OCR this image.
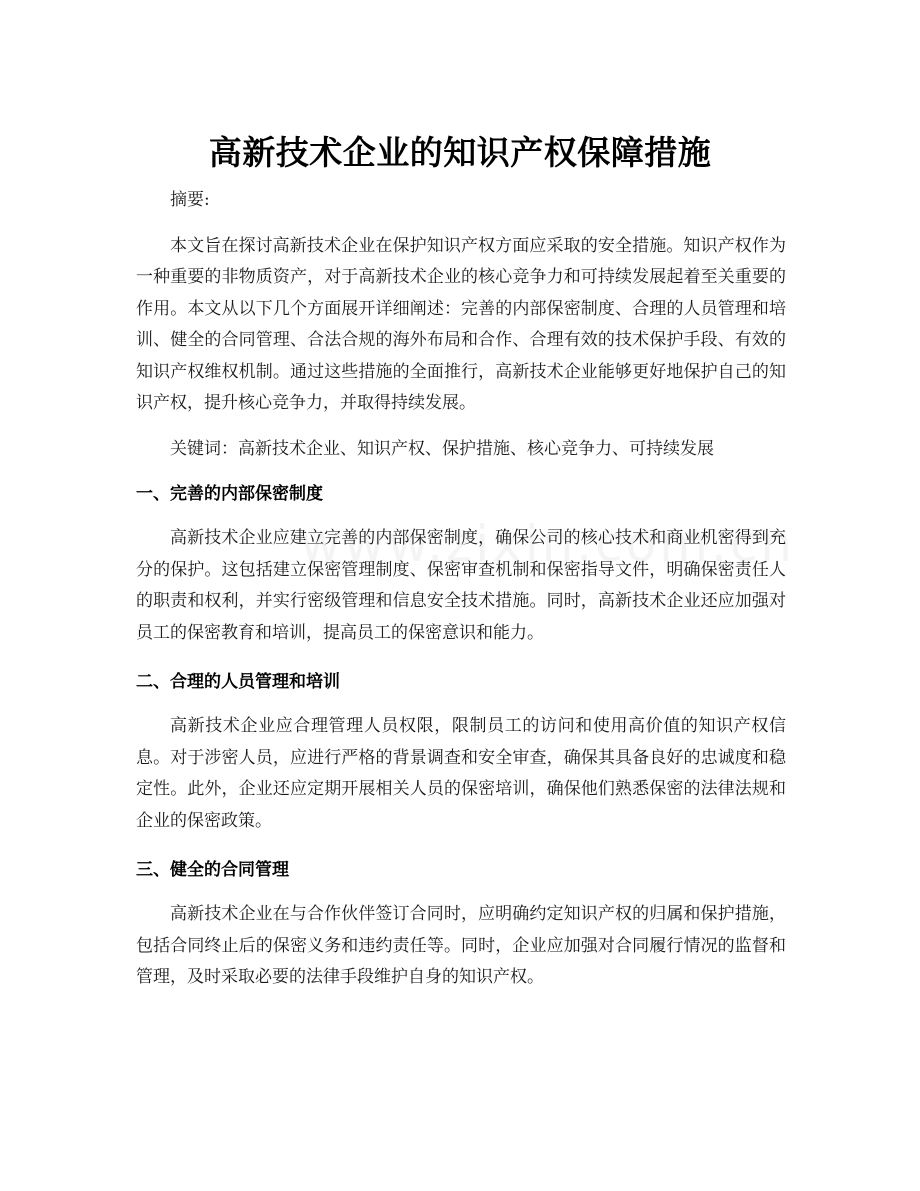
高新技术企业的知识产权保障措施

摘要:

本文旨在探讨高新技术企业在保护知识产权方面应采取的安全措施。知识产权作为一种重要的非物质资产，对于高新技术企业的核心竞争力和可持续发展起着至关重要的作用。本文从以下几个方面展开详细阐述：完善的内部保密制度、合理的人员管理和培训、健全的合同管理、合法合规的海外布局和合作、合理有效的技术保护手段、有效的知识产权维权机制。通过这些措施的全面推行，高新技术企业能够更好地保护自己的知识产权，提升核心竞争力，并取得持续发展。

关键词：高新技术企业、知识产权、保护措施、核心竞争力、可持续发展

一、完善的内部保密制度

高新技术企业应建立完善的内部保密制度，确保公司的核心技术和商业机密得到充分的保护。这包括建立保密管理制度、保密审查机制和保密指导文件，明确保密责任人的职责和权利，并实行密级管理和信息安全技术措施。同时，高新技术企业还应加强对员工的保密教育和培训，提高员工的保密意识和能力。

二、合理的人员管理和培训

高新技术企业应合理管理人员权限，限制员工的访问和使用高价值的知识产权信息。对于涉密人员，应进行严格的背景调查和安全审查，确保其具备良好的忠诚度和稳定性。此外，企业还应定期开展相关人员的保密培训，确保他们熟悉保密的法律法规和企业的保密政策。

三、健全的合同管理

高新技术企业在与合作伙伴签订合同时，应明确约定知识产权的归属和保护措施，包括合同终止后的保密义务和违约责任等。同时，企业应加强对合同履行情况的监督和管理，及时采取必要的法律手段维护自身的知识产权。
